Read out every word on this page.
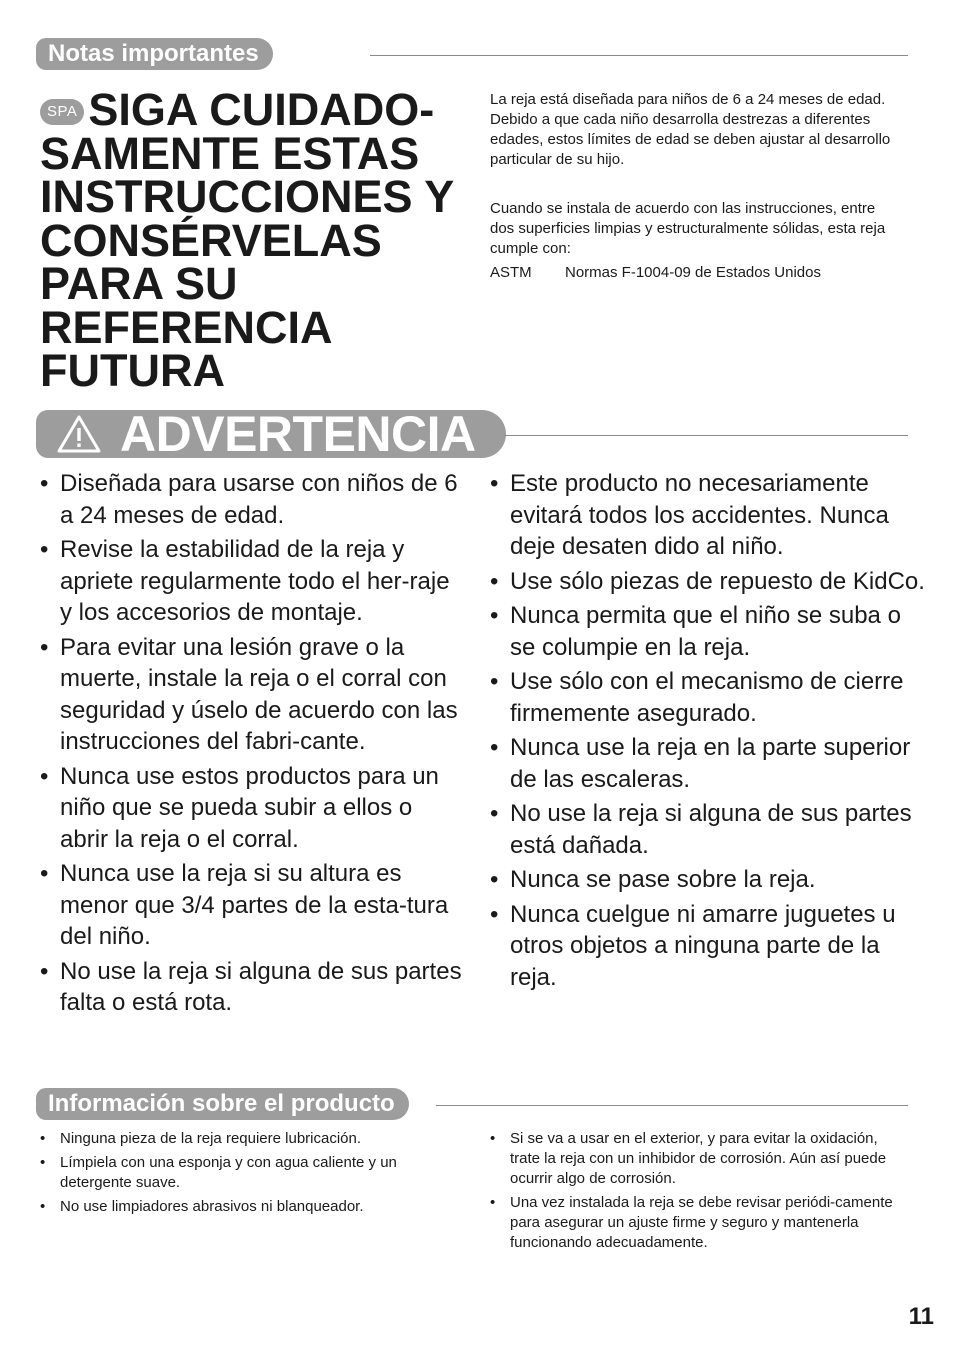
Notas importantes
SPA SIGA CUIDADO-SAMENTE ESTAS INSTRUCCIONES Y CONSÉRVELAS PARA SU REFERENCIA FUTURA
La reja está diseñada para niños de 6 a 24 meses de edad. Debido a que cada niño desarrolla destrezas a diferentes edades, estos límites de edad se deben ajustar al desarrollo particular de su hijo.
Cuando se instala de acuerdo con las instrucciones, entre dos superficies limpias y estructuralmente sólidas, esta reja cumple con:
ASTM	Normas F-1004-09 de Estados Unidos
ADVERTENCIA
• Diseñada para usarse con niños de 6 a 24 meses de edad.
• Revise la estabilidad de la reja y apriete regularmente todo el her-raje y los accesorios de montaje.
• Para evitar una lesión grave o la muerte, instale la reja o el corral con seguridad y úselo de acuerdo con las instrucciones del fabri-cante.
• Nunca use estos productos para un niño que se pueda subir a ellos o abrir la reja o el corral.
• Nunca use la reja si su altura es menor que 3/4 partes de la esta-tura del niño.
• No use la reja si alguna de sus partes falta o está rota.
• Este producto no necesariamente evitará todos los accidentes. Nunca deje desaten dido al niño.
• Use sólo piezas de repuesto de KidCo.
• Nunca permita que el niño se suba o se columpie en la reja.
• Use sólo con el mecanismo de cierre firmemente asegurado.
• Nunca use la reja en la parte superior de las escaleras.
• No use la reja si alguna de sus partes está dañada.
• Nunca se pase sobre la reja.
• Nunca cuelgue ni amarre juguetes u otros objetos a ninguna parte de la reja.
Información sobre el producto
• Ninguna pieza de la reja requiere lubricación.
• Límpiela con una esponja y con agua caliente y un detergente suave.
• No use limpiadores abrasivos ni blanqueador.
• Si se va a usar en el exterior, y para evitar la oxidación, trate la reja con un inhibidor de corrosión. Aún así puede ocurrir algo de corrosión.
• Una vez instalada la reja se debe revisar periódi-camente para asegurar un ajuste firme y seguro y mantenerla funcionando adecuadamente.
11
